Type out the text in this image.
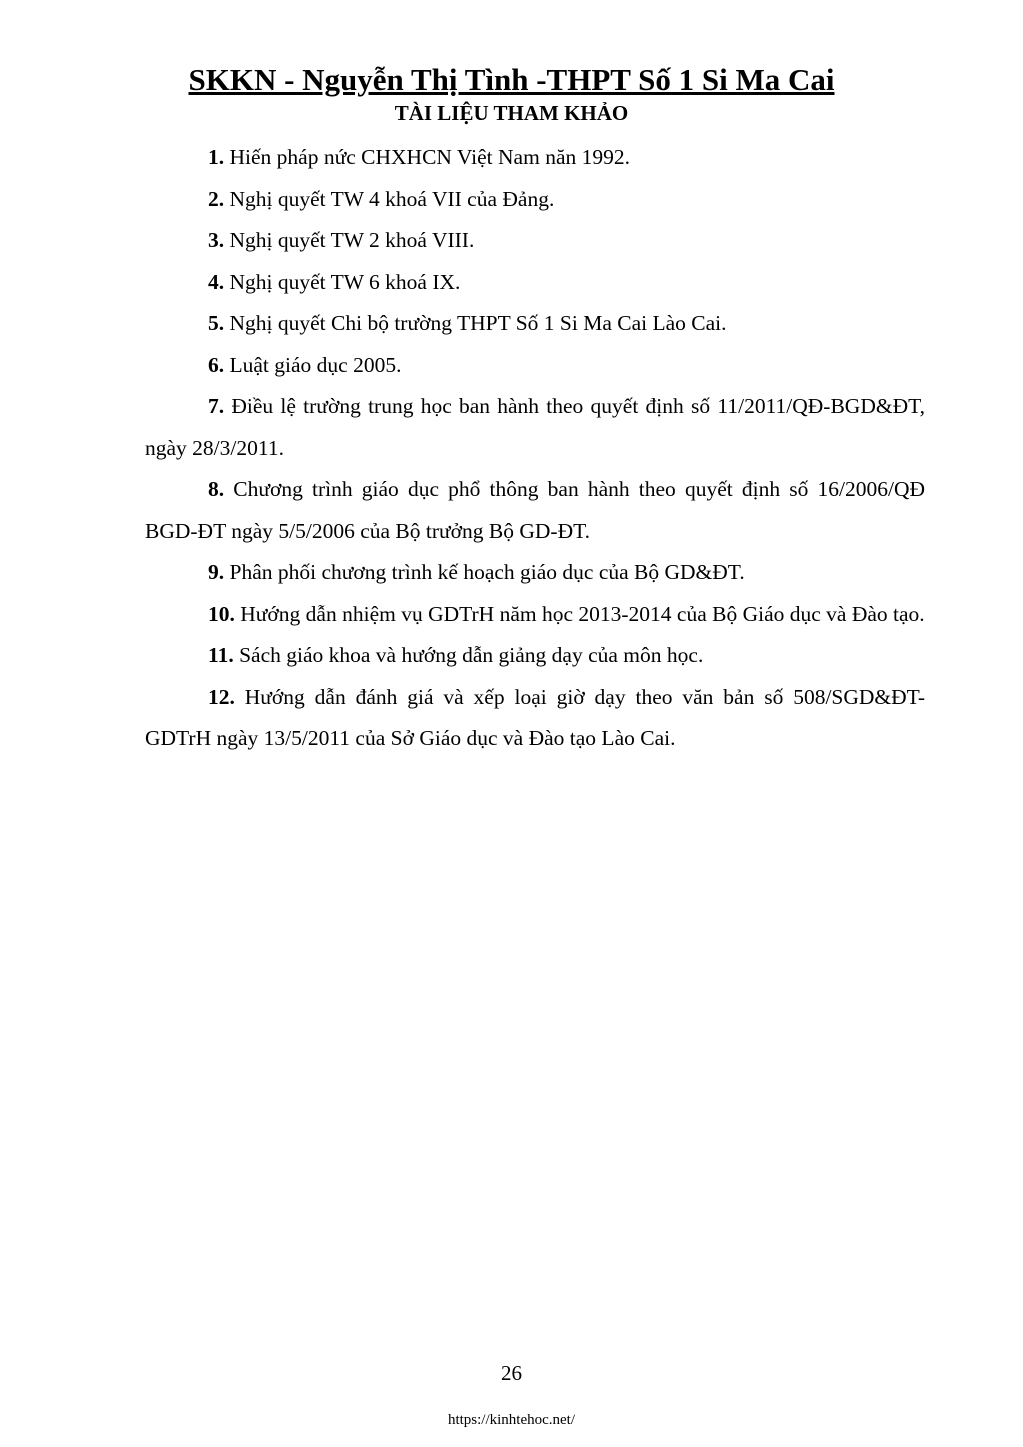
SKKN - Nguyễn Thị Tình -THPT Số 1 Si Ma Cai
TÀI LIỆU THAM KHẢO
1. Hiến pháp nức CHXHCN Việt Nam năn 1992.
2. Nghị quyết TW 4 khoá VII của Đảng.
3. Nghị quyết TW 2 khoá VIII.
4. Nghị quyết TW 6 khoá IX.
5. Nghị quyết Chi bộ trường THPT Số 1 Si Ma Cai Lào Cai.
6. Luật giáo dục 2005.
7. Điều lệ trường trung học ban hành theo quyết định số 11/2011/QĐ-BGD&ĐT, ngày 28/3/2011.
8. Chương trình giáo dục phổ thông ban hành theo quyết định số 16/2006/QĐ BGD-ĐT ngày 5/5/2006 của Bộ trưởng Bộ GD-ĐT.
9. Phân phối chương trình kế hoạch giáo dục của Bộ GD&ĐT.
10. Hướng dẫn nhiệm vụ GDTrH năm học 2013-2014 của Bộ Giáo dục và Đào tạo.
11. Sách giáo khoa và hướng dẫn giảng dạy của môn học.
12. Hướng dẫn đánh giá và xếp loại giờ dạy theo văn bản số 508/SGD&ĐT-GDTrH ngày 13/5/2011 của Sở Giáo dục và Đào tạo Lào Cai.
26
https://kinhtehoc.net/
